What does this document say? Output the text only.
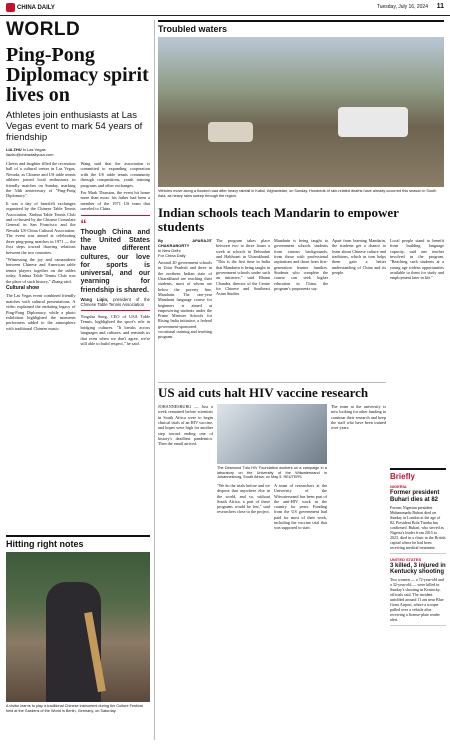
CHINA DAILY	Tuesday, July 16, 2024 11
WORLD
Ping-Pong Diplomacy spirit lives on
Athletes join enthusiasts at Las Vegas event to mark 54 years of friendship
LIA ZHU in Las Vegas
liazhu@chinadailyusa.com

Cheers and laughter filled the recreation hall of a cultural center in Las Vegas, Nevada, as Chinese and US table tennis athletes joined local enthusiasts in friendly matches on Sunday, marking the 54th anniversary of "Ping-Pong Diplomacy".

It was a day of heartfelt exchanges organized by the Chinese Table Tennis Association, Xinhua Table Tennis Club and co-hosted by the Chinese Consulate General in San Francisco and the Nevada US-China Cultural Association. The event was aimed at celebrating three ping-pong matches in 1971 — the first steps toward thawing relations between the two countries.

"Witnessing the joy and camaraderie between Chinese and American table tennis players together on the tables today, Xinhua Table Tennis Club was the place of such history," Zhang said.

Cultural show

The Las Vegas event combined friendly matches with cultural presentations. A video explained the enduring legacy of Ping-Pong Diplomacy, while a photo exhibition highlighted the moments performers added to the atmosphere with traditional Chinese music.

Wang said that the association is committed to expanding cooperation with the US table tennis community through competitions, youth training programs and other exchanges.

For Mark Thurston, the event hit home more than most: his father had been a member of the 1971 US team that traveled to China.

“
Though China and the United States have different cultures, our love for sports is universal, and our yearning for friendship is shared.
Wang Liqin, president of the Chinese Table Tennis Association

Yingshu Sung, CEO of USA Table Tennis, highlighted the sport's role in bridging cultures. "It breaks across languages and cultures, and reminds us that even when we don't agree, we're still able to build respect," he said.

Hitting right notes
A visitor learns to play a traditional Chinese instrument during the Culture Festival held at the Gardens of the World in Berlin, Germany, on Saturday.
Troubled waters
Vehicles move along a flooded road after heavy rainfall in Kabul, Afghanistan, on Sunday. Hundreds of rain-related deaths have already occurred this season in South Asia, as heavy rains sweep through the region.
Indian schools teach Mandarin to empower students
By APARAJIT CHAKRABORTY
in New Delhi
For China Daily

Around 20 government schools in Uttar Pradesh and three in the northern Indian state of Uttarakhand are teaching their students, most of whom are below the poverty line, Mandarin. The one-year Mandarin language course for beginners is aimed at empowering students under the Prime Minister Schools for Rising India initiative, a federal government-sponsored vocational training and teaching program.

The program takes place between two to three hours a week at schools in Dehradun and Haldwani in Uttarakhand. "This is the first time in India that Mandarin is being taught in government schools under such an initiative," said Bhanu Chandra, director of the Centre for Chinese and Southeast Asian Studies.

Mandarin is being taught to government schools students from various backgrounds, from those with professional aspirations and those from first-generation learner families. Students who complete the course can seek higher education in China, the program's proponents say.

Apart from learning Mandarin, the students get a chance to learn about Chinese culture and traditions, which in turn helps them gain a better understanding of China and its people.

Local people stand to benefit from building language capacity, said one teacher involved in the program. "Reaching such students at a young age widens opportunities available to them for study and employment later in life."

US aid cuts halt HIV vaccine research

JOHANNESBURG — Just a week remained before scientists in South Africa were to begin clinical trials of an HIV vaccine, and hopes were high for another step toward ending one of history's deadliest pandemics. Then the email arrived.

The Desmond Tutu HIV Foundation workers on a campaign in a laboratory on the University of the Witwatersrand in Johannesburg, South Africa, on May 5. REUTERS

"We do the trials before and we dispose that anywhere else in the world, and so, without South Africa, a part of these programs would be lost," said researchers close to the project.

A team of researchers at the University of the Witwatersrand has been part of the anti-HIV work in the country for years. Funding from the US government had paid for most of their work, including the vaccine trial that was supposed to start.

The team at the university is now looking for other funding to continue their research and keep the staff who have been trained over years.

Briefly
NIGERIA
Former president Buhari dies at 82
Former Nigerian president Muhammadu Buhari died on Sunday in London at the age of 82, President Bola Tinubu has confirmed. Buhari, who served as Nigeria's leader from 2015 to 2023, died in a clinic in the British capital where he had been receiving medical treatment.
UNITED STATES
3 killed, 3 injured in Kentucky shooting
Two women — a 72-year-old and a 32-year-old — were killed in Sunday's shooting in Kentucky, officials said. The incident unfolded around 11 am near Blue Grass Airport, where a trooper pulled over a vehicle after receiving a license-plate reader alert.
